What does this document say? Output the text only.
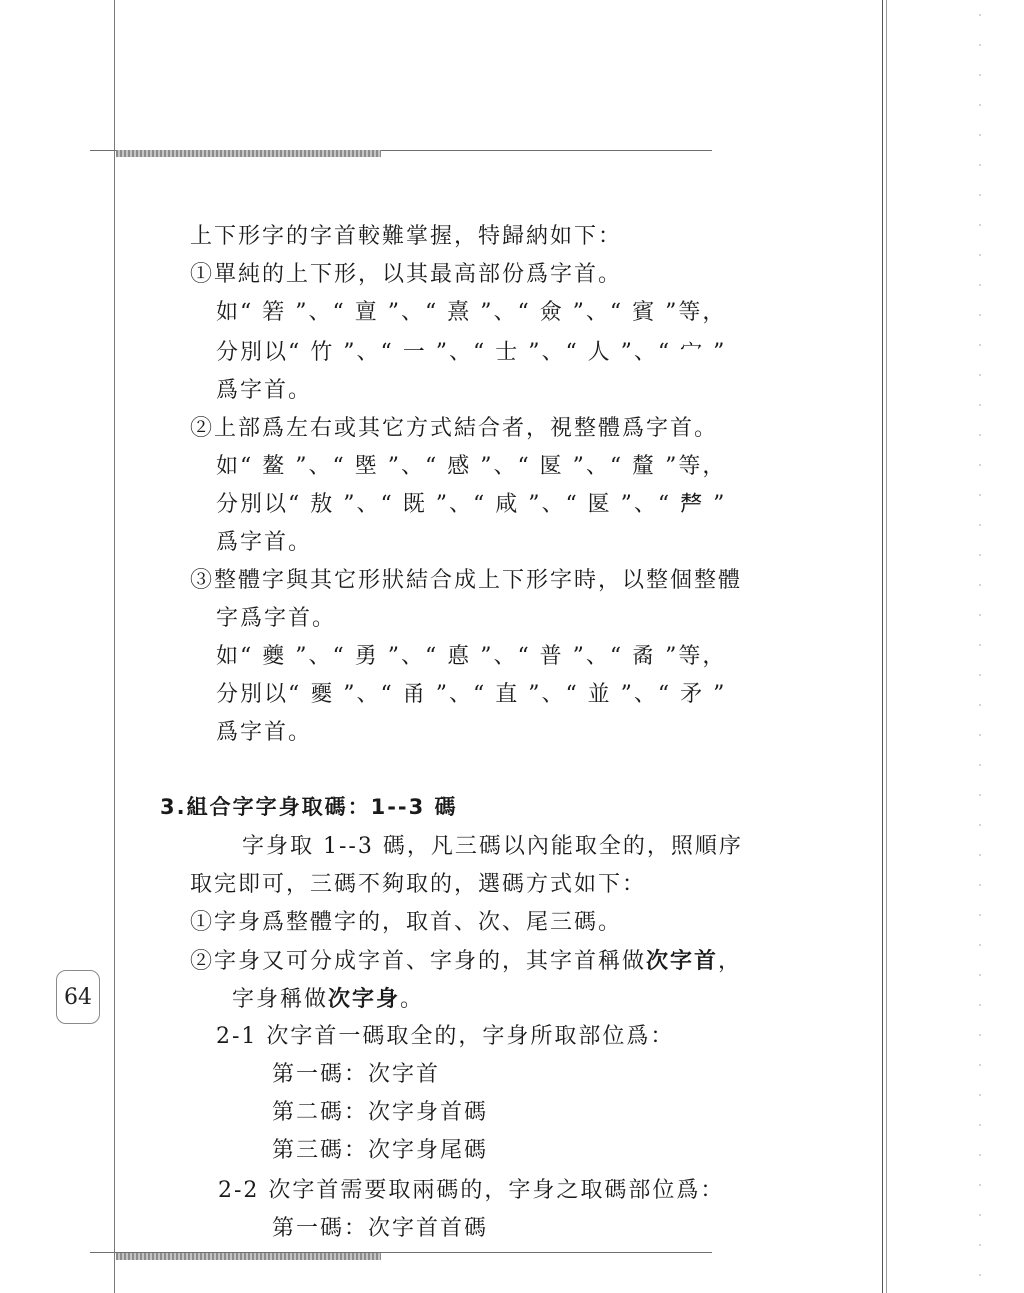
64
上下形字的字首較難掌握，特歸納如下：
①單純的上下形，以其最高部份爲字首。
如“ 箬 ”、“ 亶 ”、“ 熹 ”、“ 僉 ”、“ 賓 ”等，
分別以“ 竹 ”、“ 一 ”、“ 士 ”、“ 人 ”、“ 宀 ”
爲字首。
②上部爲左右或其它方式結合者，視整體爲字首。
如“ 鳌 ”、“ 塈 ”、“ 感 ”、“ 匽 ”、“ 釐 ”等，
分別以“ 敖 ”、“ 既 ”、“ 咸 ”、“ 匽 ”、“ 𠩺 ”
爲字首。
③整體字與其它形狀結合成上下形字時，以整個整體
字爲字首。
如“ 夔 ”、“ 勇 ”、“ 悳 ”、“ 普 ”、“ 矞 ”等，
分別以“ 夒 ”、“ 甬 ”、“ 直 ”、“ 並 ”、“ 矛 ”
爲字首。
3.組合字字身取碼：1--3 碼
字身取 1--3 碼，凡三碼以內能取全的，照順序
取完即可，三碼不夠取的，選碼方式如下：
①字身爲整體字的，取首、次、尾三碼。
②字身又可分成字首、字身的，其字首稱做次字首，
字身稱做次字身。
2-1 次字首一碼取全的，字身所取部位爲：
第一碼：次字首
第二碼：次字身首碼
第三碼：次字身尾碼
2-2 次字首需要取兩碼的，字身之取碼部位爲：
第一碼：次字首首碼
